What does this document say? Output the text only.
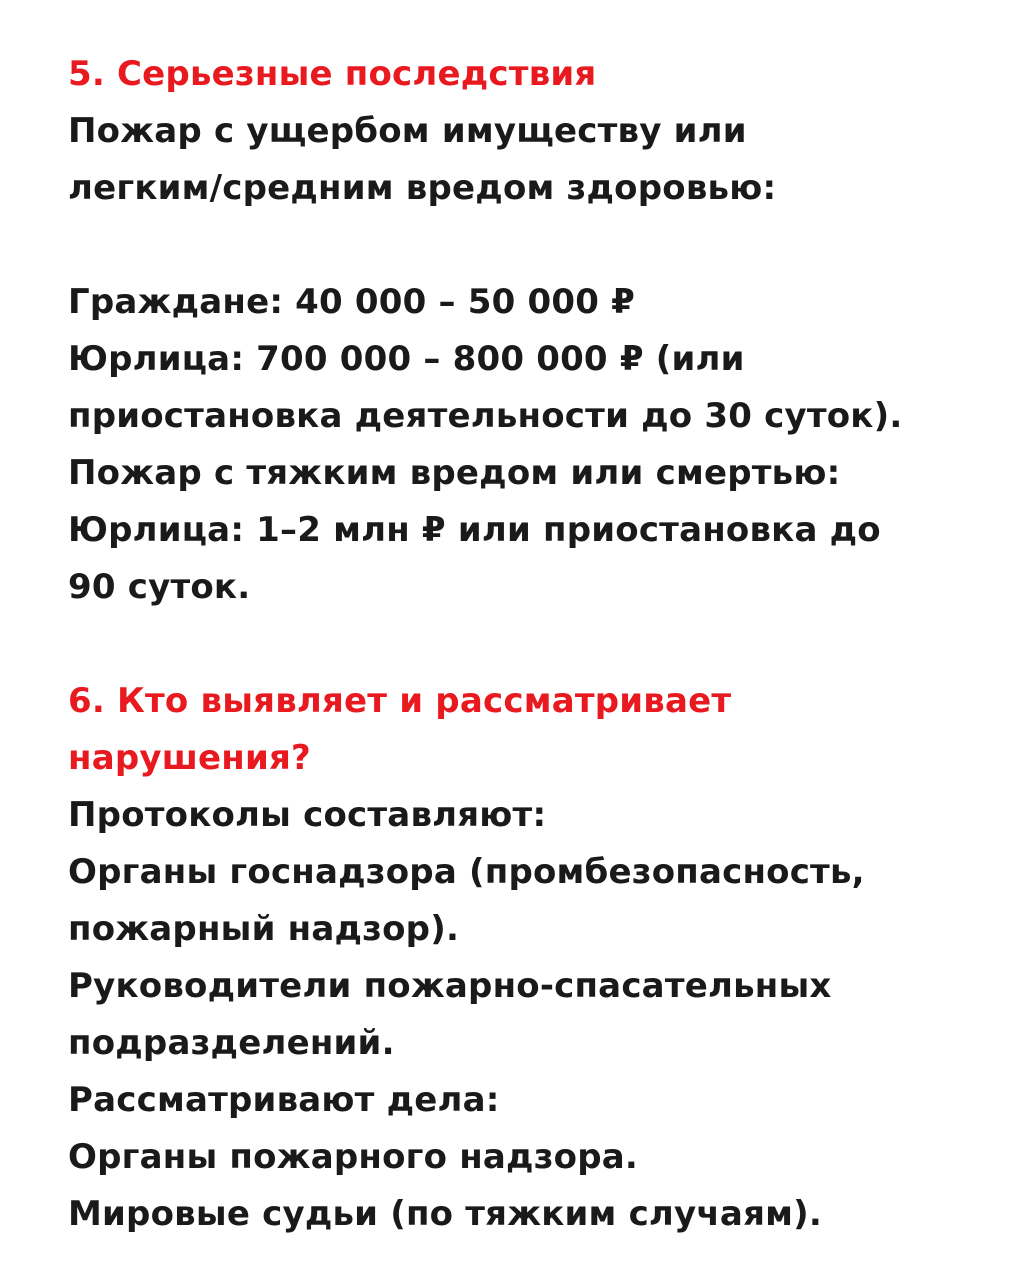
5. Серьезные последствия
Пожар с ущербом имуществу или
легким/средним вредом здоровью:
Граждане: 40 000 – 50 000 ₽
Юрлица: 700 000 – 800 000 ₽ (или
приостановка деятельности до 30 суток).
Пожар с тяжким вредом или смертью:
Юрлица: 1–2 млн ₽ или приостановка до
90 суток.
6. Кто выявляет и рассматривает
нарушения?
Протоколы составляют:
Органы госнадзора (промбезопасность,
пожарный надзор).
Руководители пожарно-спасательных
подразделений.
Рассматривают дела:
Органы пожарного надзора.
Мировые судьи (по тяжким случаям).
